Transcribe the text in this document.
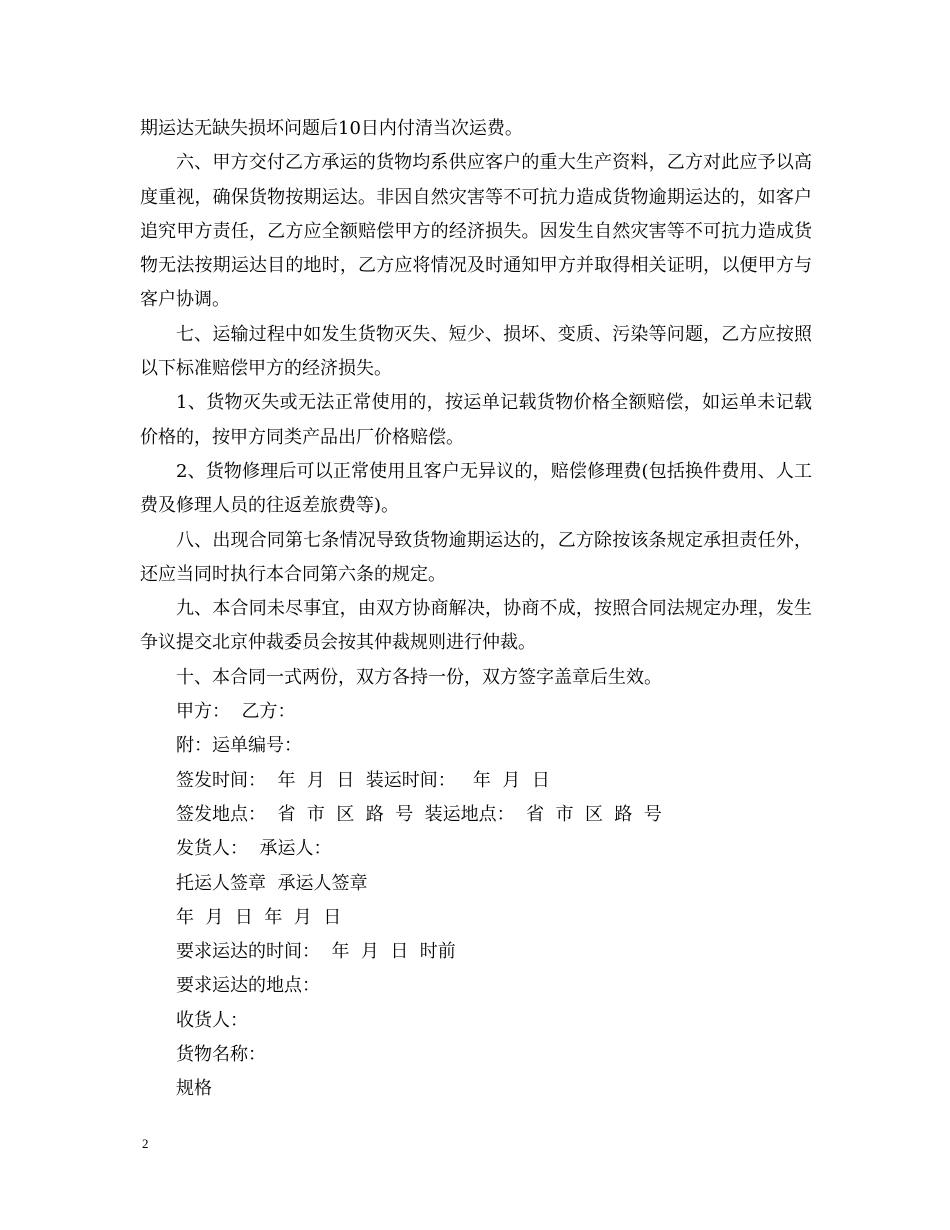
期运达无缺失损坏问题后10日内付清当次运费。

六、甲方交付乙方承运的货物均系供应客户的重大生产资料，乙方对此应予以高度重视，确保货物按期运达。非因自然灾害等不可抗力造成货物逾期运达的，如客户追究甲方责任，乙方应全额赔偿甲方的经济损失。因发生自然灾害等不可抗力造成货物无法按期运达目的地时，乙方应将情况及时通知甲方并取得相关证明，以便甲方与客户协调。

七、运输过程中如发生货物灭失、短少、损坏、变质、污染等问题，乙方应按照以下标准赔偿甲方的经济损失。

1、货物灭失或无法正常使用的，按运单记载货物价格全额赔偿，如运单未记载价格的，按甲方同类产品出厂价格赔偿。

2、货物修理后可以正常使用且客户无异议的，赔偿修理费(包括换件费用、人工费及修理人员的往返差旅费等)。

八、出现合同第七条情况导致货物逾期运达的，乙方除按该条规定承担责任外，还应当同时执行本合同第六条的规定。

九、本合同未尽事宜，由双方协商解决，协商不成，按照合同法规定办理，发生争议提交北京仲裁委员会按其仲裁规则进行仲裁。

十、本合同一式两份，双方各持一份，双方签字盖章后生效。

甲方：  乙方：

附：运单编号：

签发时间：  年  月  日  装运时间：   年  月  日

签发地点：  省  市  区  路  号  装运地点：  省  市  区  路  号

发货人：  承运人：

托运人签章  承运人签章

年  月  日  年  月  日

要求运达的时间：  年  月  日  时前

要求运达的地点：

收货人：

货物名称：

规格

2
